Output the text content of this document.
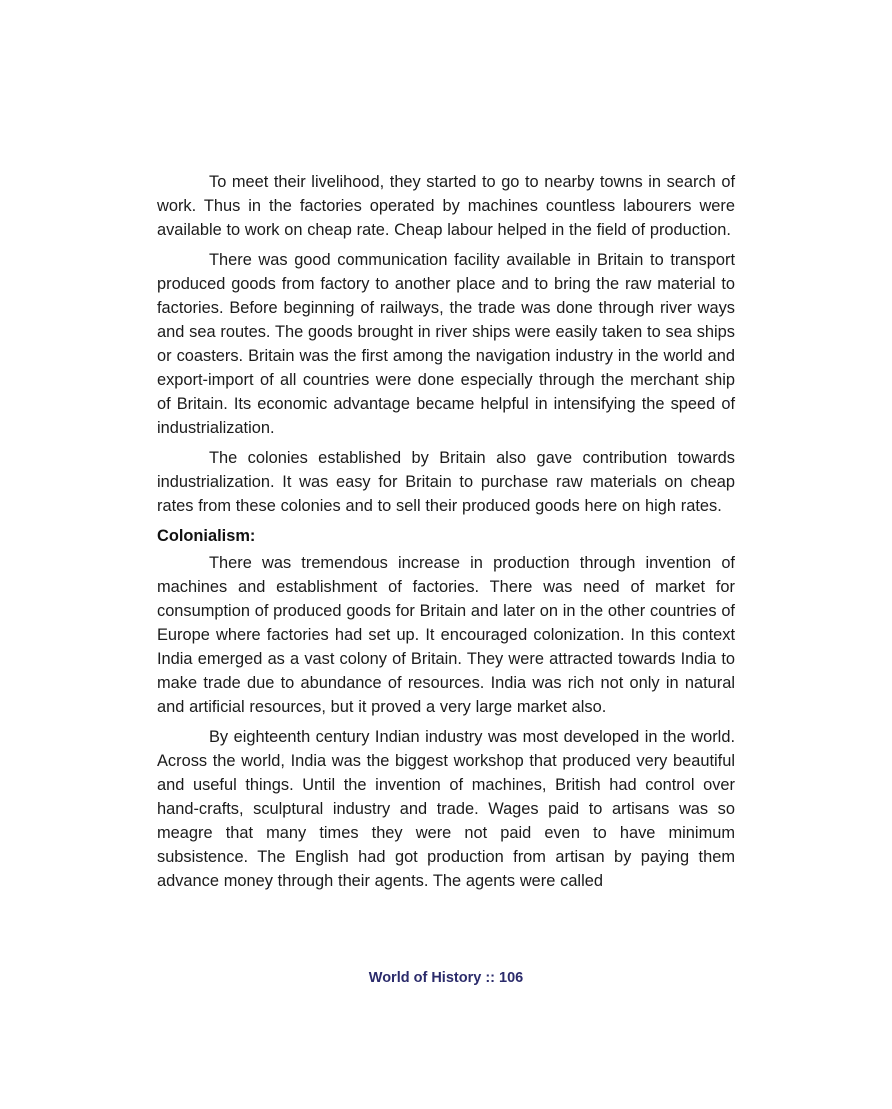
To meet their livelihood, they started to go to nearby towns in search of work. Thus in the factories operated by machines countless labourers were available to work on cheap rate. Cheap labour helped in the field of production.

There was good communication facility available in Britain to transport produced goods from factory to another place and to bring the raw material to factories. Before beginning of railways, the trade was done through river ways and sea routes. The goods brought in river ships were easily taken to sea ships or coasters. Britain was the first among the navigation industry in the world and export-import of all countries were done especially through the merchant ship of Britain. Its economic advantage became helpful in intensifying the speed of industrialization.

The colonies established by Britain also gave contribution towards industrialization. It was easy for Britain to purchase raw materials on cheap rates from these colonies and to sell their produced goods here on high rates.

Colonialism:

There was tremendous increase in production through invention of machines and establishment of factories. There was need of market for consumption of produced goods for Britain and later on in the other countries of Europe where factories had set up. It encouraged colonization. In this context India emerged as a vast colony of Britain. They were attracted towards India to make trade due to abundance of resources. India was rich not only in natural and artificial resources, but it proved a very large market also.

By eighteenth century Indian industry was most developed in the world. Across the world, India was the biggest workshop that produced very beautiful and useful things. Until the invention of machines, British had control over hand-crafts, sculptural industry and trade. Wages paid to artisans was so meagre that many times they were not paid even to have minimum subsistence. The English had got production from artisan by paying them advance money through their agents. The agents were called

World of History :: 106
